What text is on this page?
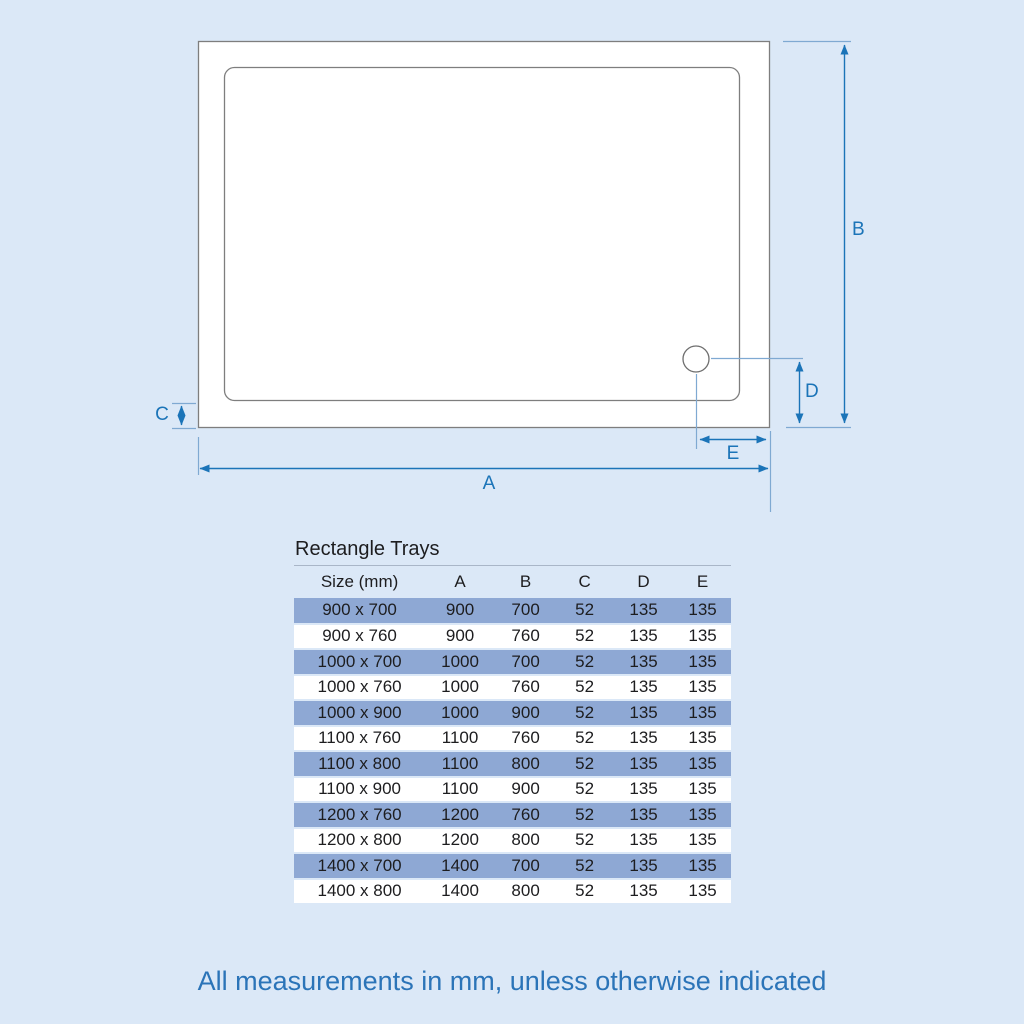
A
B
C
D
E
Rectangle Trays
Size (mm)	A	B	C	D	E
900 x 700	900	700	52	135	135
900 x 760	900	760	52	135	135
1000 x 700	1000	700	52	135	135
1000 x 760	1000	760	52	135	135
1000 x 900	1000	900	52	135	135
1100 x 760	1100	760	52	135	135
1100 x 800	1100	800	52	135	135
1100 x 900	1100	900	52	135	135
1200 x 760	1200	760	52	135	135
1200 x 800	1200	800	52	135	135
1400 x 700	1400	700	52	135	135
1400 x 800	1400	800	52	135	135
All measurements in mm, unless otherwise indicated
